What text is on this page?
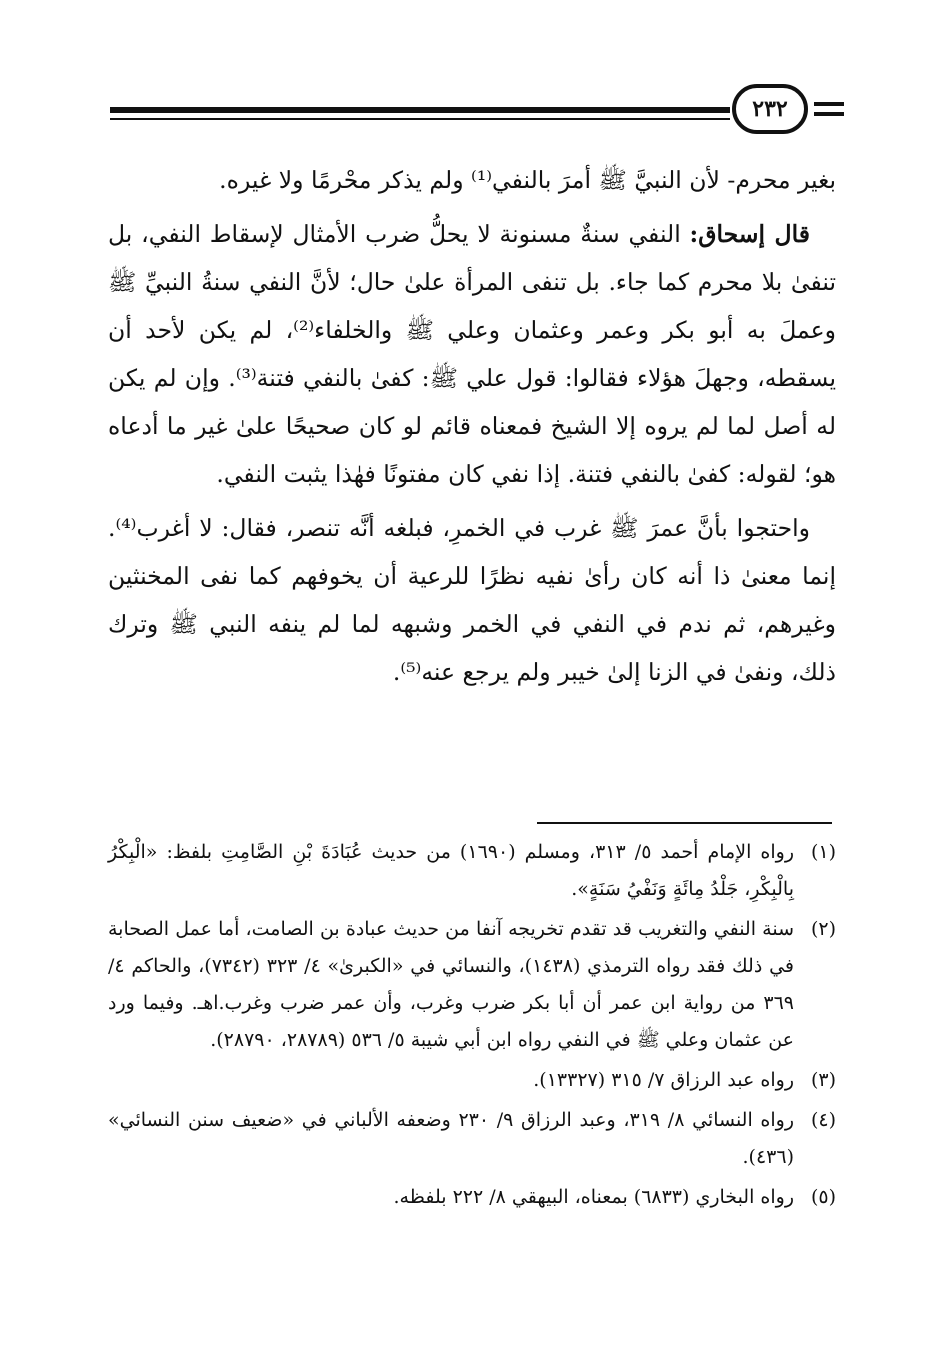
٢٣٢

بغير محرم- لأن النبيَّ ﷺ أمرَ بالنفي⁽¹⁾ ولم يذكر محْرمًا ولا غيره.

قال إسحاق: النفي سنةٌ مسنونة لا يحلُّ ضرب الأمثال لإسقاط النفي، بل تنفىٰ بلا محرم كما جاء. بل تنفى المرأة علىٰ حال؛ لأنَّ النفي سنةُ النبيِّ ﷺ وعملَ به أبو بكر وعمر وعثمان وعلي ﷺ والخلفاء⁽²⁾، لم يكن لأحد أن يسقطه، وجهلَ هؤلاء فقالوا: قول علي ﷺ: كفىٰ بالنفي فتنة⁽³⁾. وإن لم يكن له أصل لما لم يروه إلا الشيخ فمعناه قائم لو كان صحيحًا علىٰ غير ما أدعاه هو؛ لقوله: كفىٰ بالنفي فتنة. إذا نفي كان مفتونًا فهٰذا يثبت النفي.

واحتجوا بأنَّ عمرَ ﷺ غرب في الخمرِ، فبلغه أنَّه تنصر، فقال: لا أغرب⁽⁴⁾. إنما معنىٰ ذا أنه كان رأىٰ نفيه نظرًا للرعية أن يخوفهم كما نفى المخنثين وغيرهم، ثم ندم في النفي في الخمر وشبهه لما لم ينفه النبي ﷺ وترك ذلك، ونفىٰ في الزنا إلىٰ خيبر ولم يرجع عنه⁽⁵⁾.

(١)
رواه الإمام أحمد ٥/ ٣١٣، ومسلم (١٦٩٠) من حديث عُبَادَةَ بْنِ الصَّامِتِ بلفظ: «الْبِكْرُ بِالْبِكْرِ، جَلْدُ مِائَةٍ وَنَفْيُ سَنَةٍ».
(٢)
سنة النفي والتغريب قد تقدم تخريجه آنفا من حديث عبادة بن الصامت، أما عمل الصحابة في ذلك فقد رواه الترمذي (١٤٣٨)، والنسائي في «الكبرىٰ» ٤/ ٣٢٣ (٧٣٤٢)، والحاكم ٤/ ٣٦٩ من رواية ابن عمر أن أبا بكر ضرب وغرب، وأن عمر ضرب وغرب.اهـ. وفيما ورد عن عثمان وعلي ﷺ في النفي رواه ابن أبي شيبة ٥/ ٥٣٦ (٢٨٧٨٩، ٢٨٧٩٠).
(٣)
رواه عبد الرزاق ٧/ ٣١٥ (١٣٣٢٧).
(٤)
رواه النسائي ٨/ ٣١٩، وعبد الرزاق ٩/ ٢٣٠ وضعفه الألباني في «ضعيف سنن النسائي» (٤٣٦).
(٥)
رواه البخاري (٦٨٣٣) بمعناه، البيهقي ٨/ ٢٢٢ بلفظه.
